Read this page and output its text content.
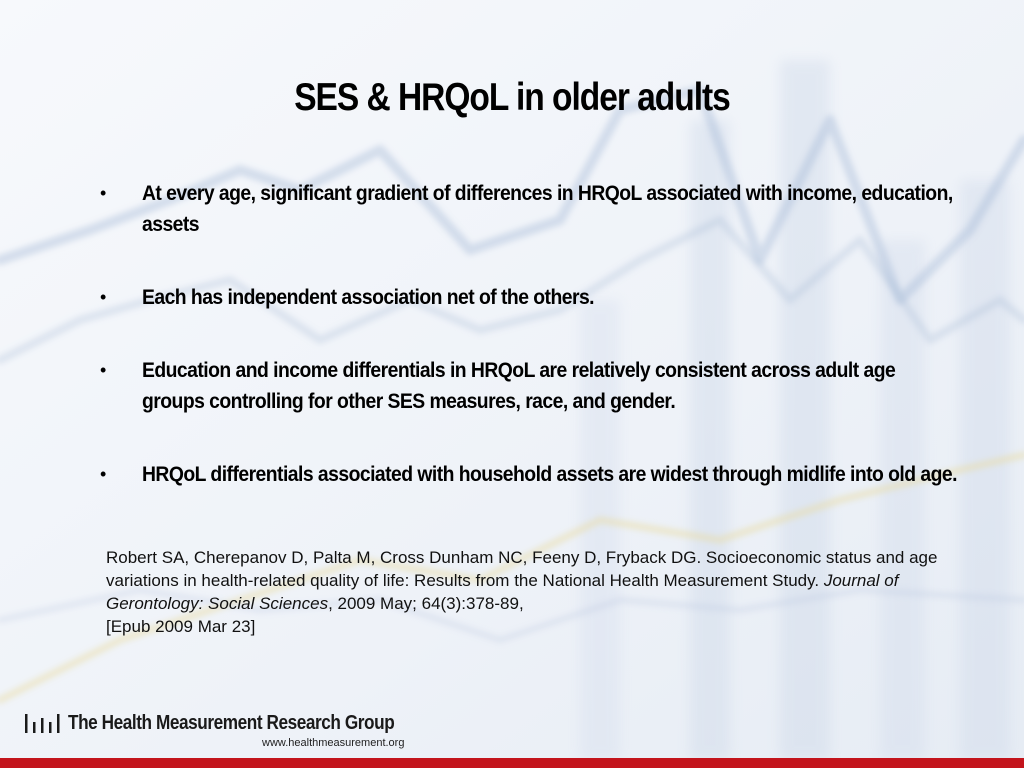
SES & HRQoL in older adults
• At every age, significant gradient of differences in HRQoL associated with income, education, assets
• Each has independent association net of the others.
• Education and income differentials in HRQoL are relatively consistent across adult age groups controlling for other SES measures, race, and gender.
• HRQoL differentials associated with household assets are widest through midlife into old age.
Robert SA, Cherepanov D, Palta M, Cross Dunham NC, Feeny D, Fryback DG. Socioeconomic status and age variations in health-related quality of life: Results from the National Health Measurement Study. Journal of Gerontology: Social Sciences, 2009 May; 64(3):378-89,
[Epub 2009 Mar 23]
The Health Measurement Research Group
www.healthmeasurement.org
